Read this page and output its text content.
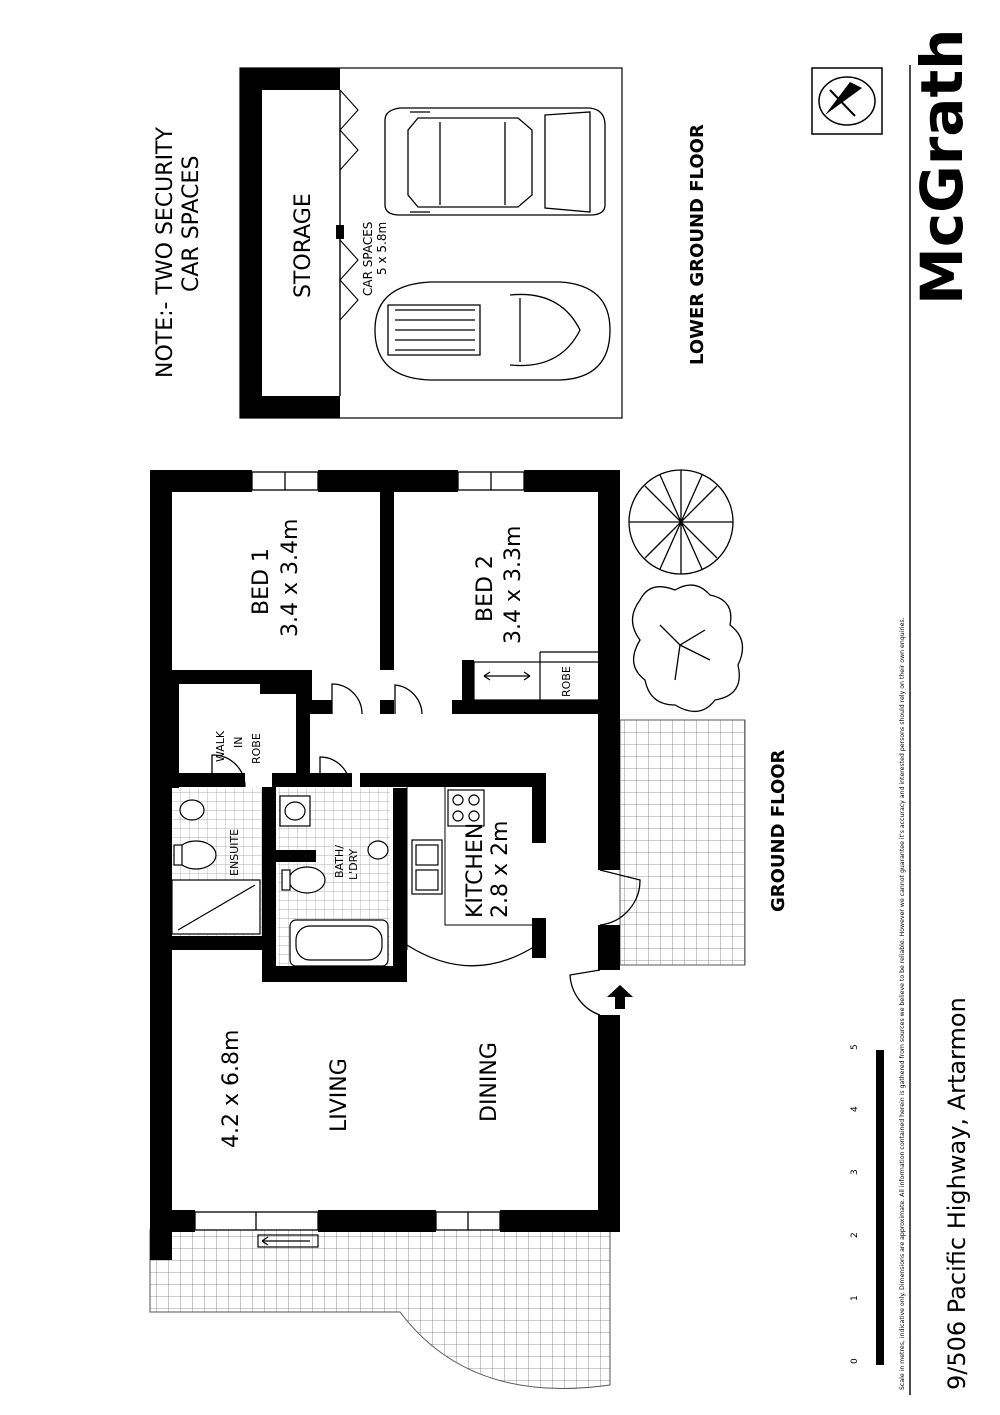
NOTE:- TWO SECURITY CAR SPACES	STORAGE	CAR SPACES 5 x 5.8m	LOWER GROUND FLOOR
BED 1 3.4 x 3.4m	BED 2 3.4 x 3.3m
KITCHEN 2.8 x 2m
4.2 x 6.8m	LIVING	DINING
ROBE
WALK IN ROBE
ENSUITE	BATH/ L'DRY	GROUND FLOOR
0
1
2
3
4
5	Scale in metres, indicative only. Dimensions are approximate. All information contained herein is gathered from sources we believe to be reliable. However we cannot guarantee it's accuracy and interested persons should rely on their own enquiries. 9/506 Pacific Highway, Artarmon
McGrath
